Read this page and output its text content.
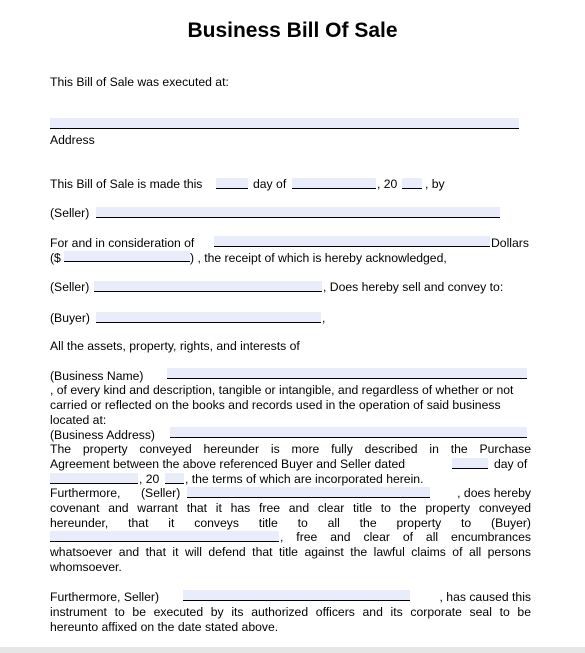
Business Bill Of Sale
This Bill of Sale was executed at:
Address
This Bill of Sale is made this	day of	, 20 , by
(Seller)
For and in consideration of	Dollars
($	) , the receipt of which is hereby acknowledged,
(Seller)	, Does hereby sell and convey to:
(Buyer)	,
All the assets, property, rights, and interests of
(Business Name)
, of every kind and description, tangible or intangible, and regardless of whether or not
carried or reflected on the books and records used in the operation of said business
located at:
(Business Address)
The property conveyed hereunder is more fully described in the Purchase
Agreement between the above referenced Buyer and Seller dated	day of
, 20 , the terms of which are incorporated herein.
Furthermore, (Seller)	, does hereby
covenant and warrant that it has free and clear title to the property conveyed
hereunder, that it conveys title to all the property to (Buyer)
, free and clear of all encumbrances
whatsoever and that it will defend that title against the lawful claims of all persons
whomsoever.
Furthermore, Seller)	, has caused this
instrument to be executed by its authorized officers and its corporate seal to be
hereunto affixed on the date stated above.
